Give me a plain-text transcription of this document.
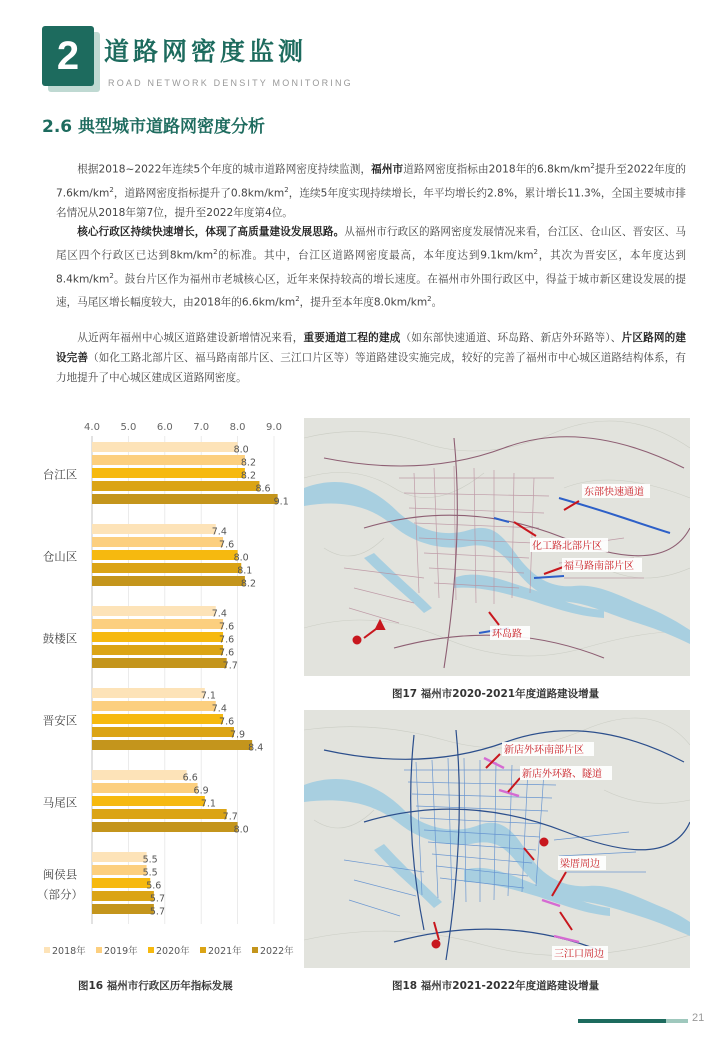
2 道路网密度监测
ROAD NETWORK DENSITY MONITORING
2.6 典型城市道路网密度分析
根据2018~2022年连续5个年度的城市道路网密度持续监测，福州市道路网密度指标由2018年的$6.8km/km^2$提升至2022年度的$7.6km/km^2$，道路网密度指标提升了$0.8km/km^2$，连续5年度实现持续增长，年平均增长约2.8%，累计增长11.3%，全国主要城市排名情况从2018年第7位，提升至2022年度第4位。
核心行政区持续快速增长，体现了高质量建设发展思路。从福州市行政区的路网密度发展情况来看，台江区、仓山区、晋安区、马尾区四个行政区已达到$8km/km^2$的标准。其中，台江区道路网密度最高，本年度达到$9.1km/km^2$，其次为晋安区，本年度达到$8.4km/km^2$。鼓台片区作为福州市老城核心区，近年来保持较高的增长速度。在福州市外围行政区中，得益于城市新区建设发展的提速，马尾区增长幅度较大，由2018年的$6.6km/km^2$，提升至本年度$8.0km/km^2$。
从近两年福州中心城区道路建设新增情况来看，重要通道工程的建成（如东部快速通道、环岛路、新店外环路等）、片区路网的建设完善（如化工路北部片区、福马路南部片区、三江口片区等）等道路建设实施完成，较好的完善了福州市中心城区道路结构体系，有力地提升了中心城区建成区道路网密度。
4.0 5.0 6.0 7.0 8.0 9.0
台江区
8.0
8.2
8.2
8.6
9.1
仓山区
7.4
7.6
8.0
8.1
8.2
鼓楼区
7.4
7.6
7.6
7.6
7.7
晋安区
7.1
7.4
7.6
7.9
8.4
马尾区
6.6
6.9
7.1
7.7
8.0
闽侯县
（部分）
5.5
5.5
5.6
5.7
5.7
2018年 2019年 2020年 2021年 2022年
图16 福州市行政区历年指标发展
东部快速通道
化工路北部片区
福马路南部片区
环岛路
图17 福州市2020-2021年度道路建设增量
新店外环南部片区
新店外环路、隧道
梁厝周边
三江口周边
图18 福州市2021-2022年度道路建设增量
21
